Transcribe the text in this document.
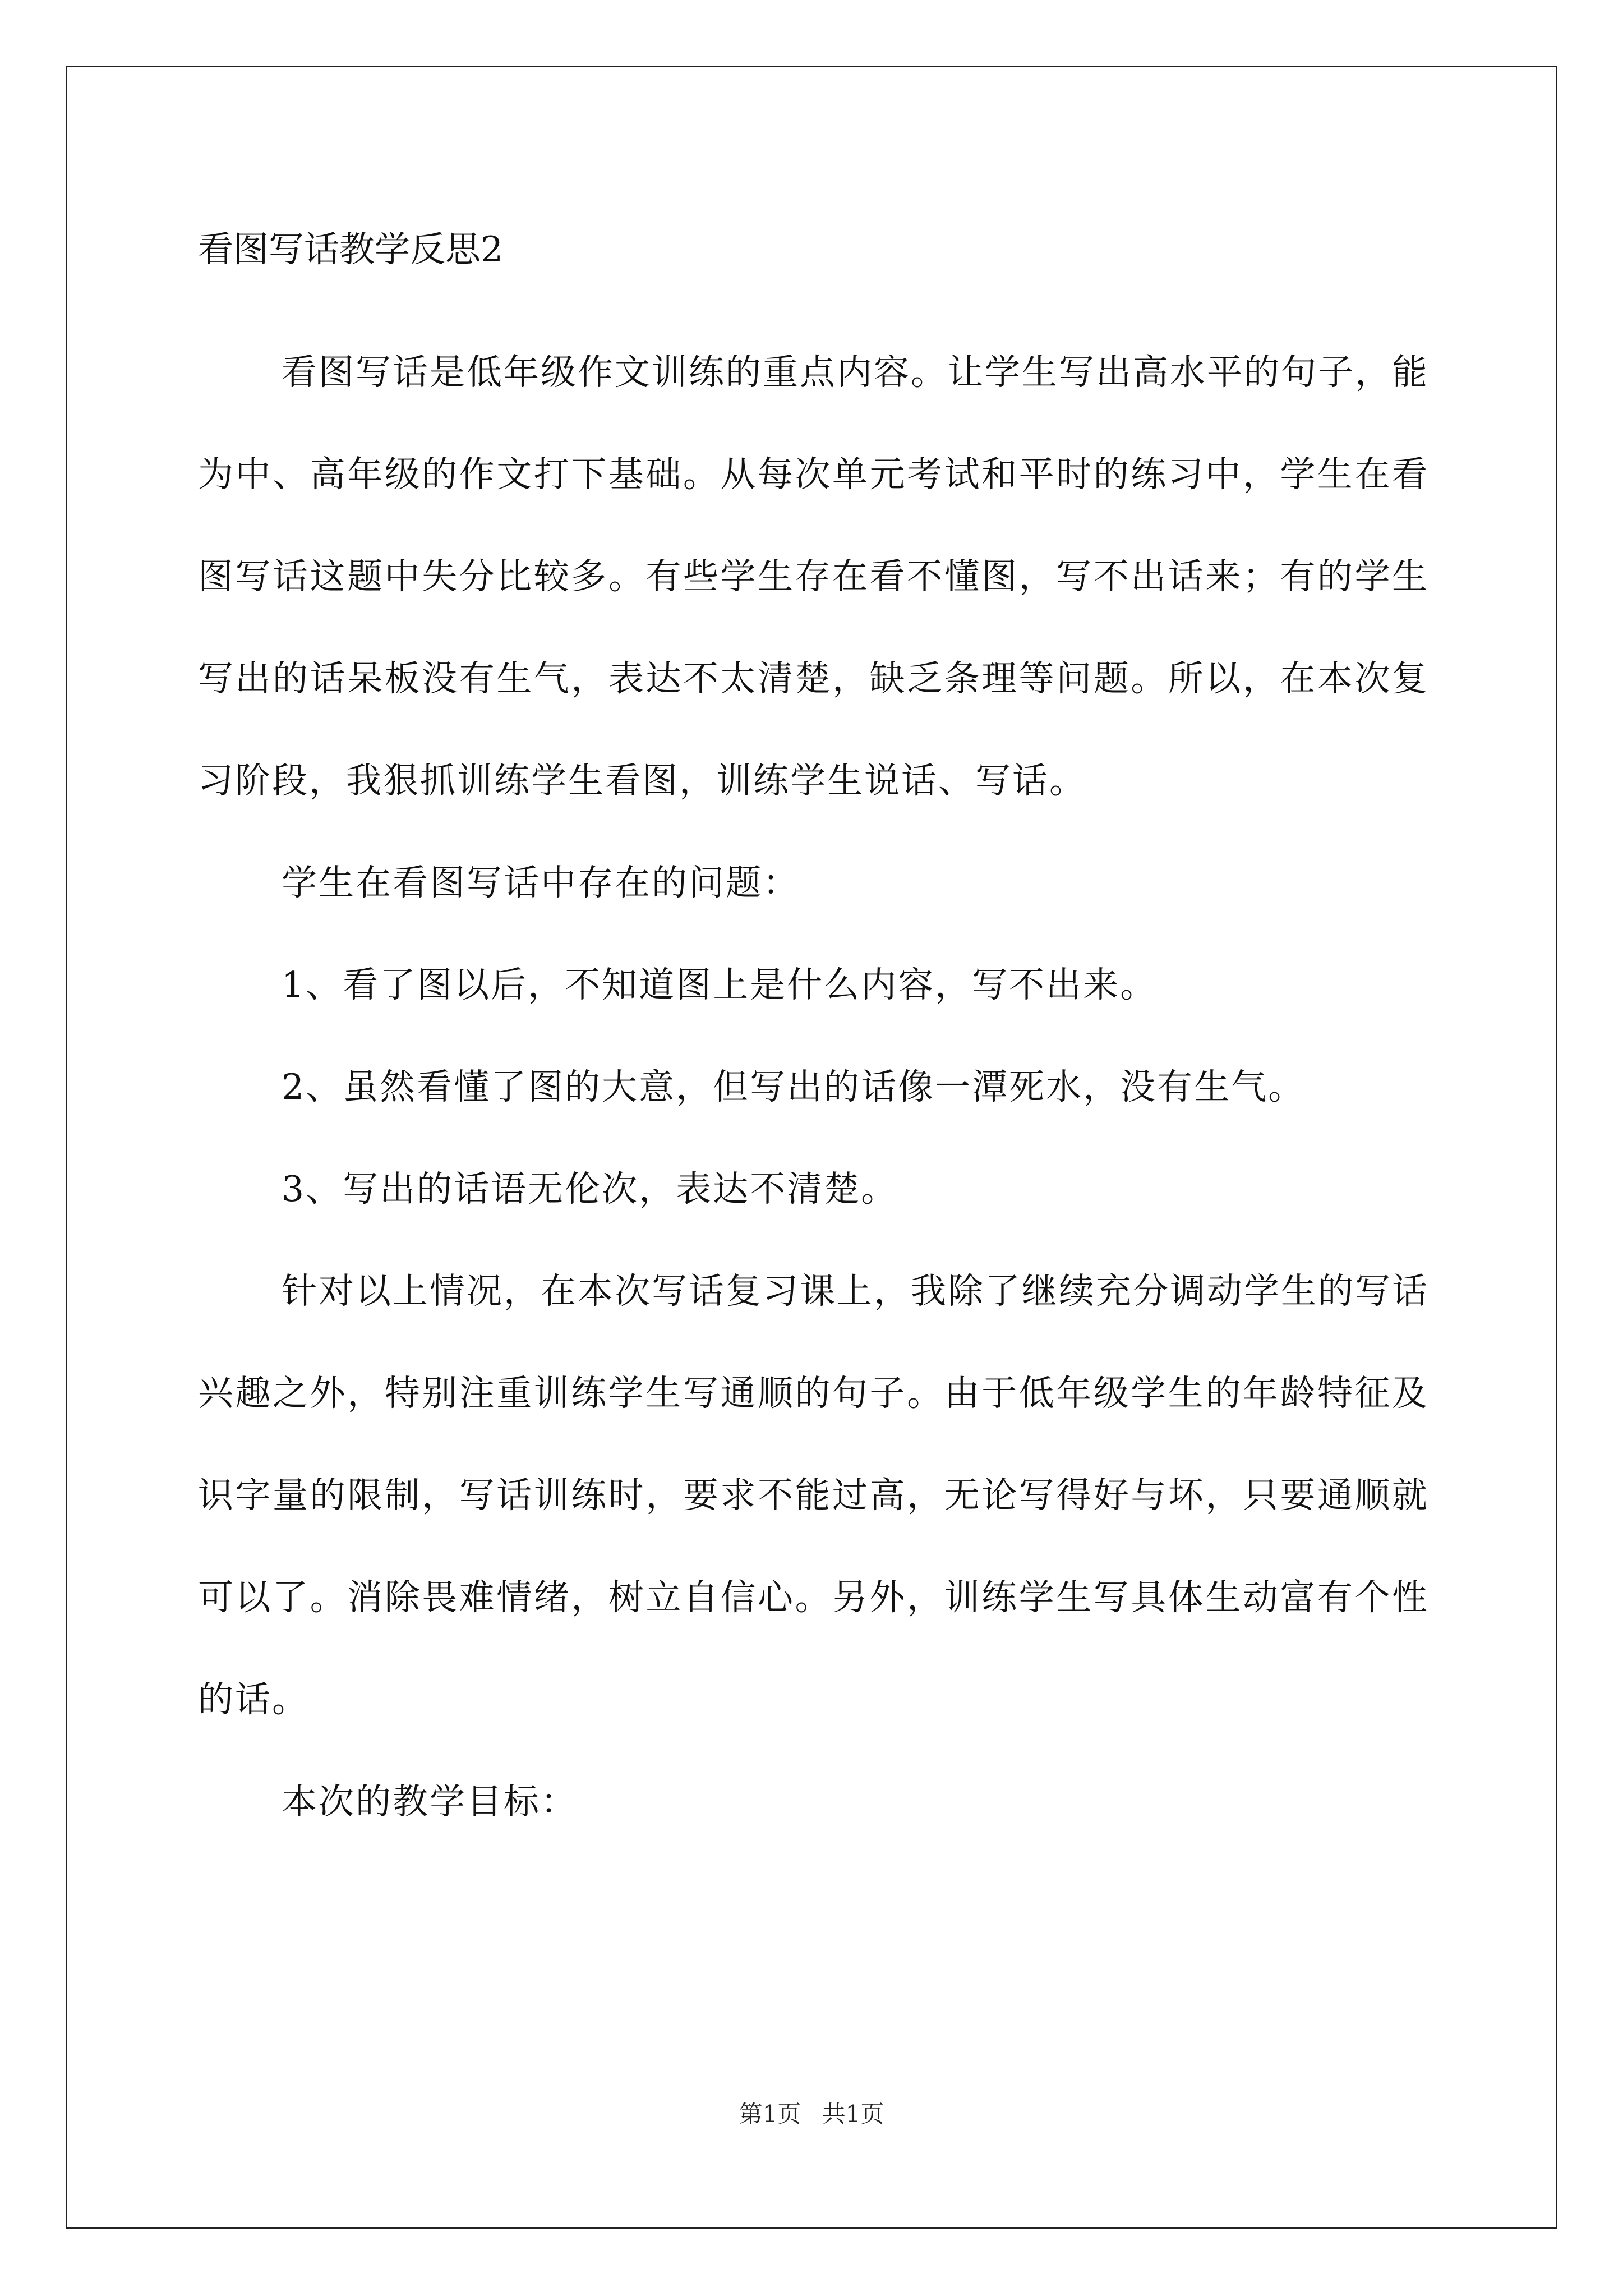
看图写话教学反思2

看图写话是低年级作文训练的重点内容。让学生写出高水平的句子，能为中、高年级的作文打下基础。从每次单元考试和平时的练习中，学生在看图写话这题中失分比较多。有些学生存在看不懂图，写不出话来；有的学生写出的话呆板没有生气，表达不太清楚，缺乏条理等问题。所以，在本次复习阶段，我狠抓训练学生看图，训练学生说话、写话。

学生在看图写话中存在的问题：

1、看了图以后，不知道图上是什么内容，写不出来。

2、虽然看懂了图的大意，但写出的话像一潭死水，没有生气。

3、写出的话语无伦次，表达不清楚。

针对以上情况，在本次写话复习课上，我除了继续充分调动学生的写话兴趣之外，特别注重训练学生写通顺的句子。由于低年级学生的年龄特征及识字量的限制，写话训练时，要求不能过高，无论写得好与坏，只要通顺就可以了。消除畏难情绪，树立自信心。另外，训练学生写具体生动富有个性的话。

本次的教学目标：

第1页 共1页
